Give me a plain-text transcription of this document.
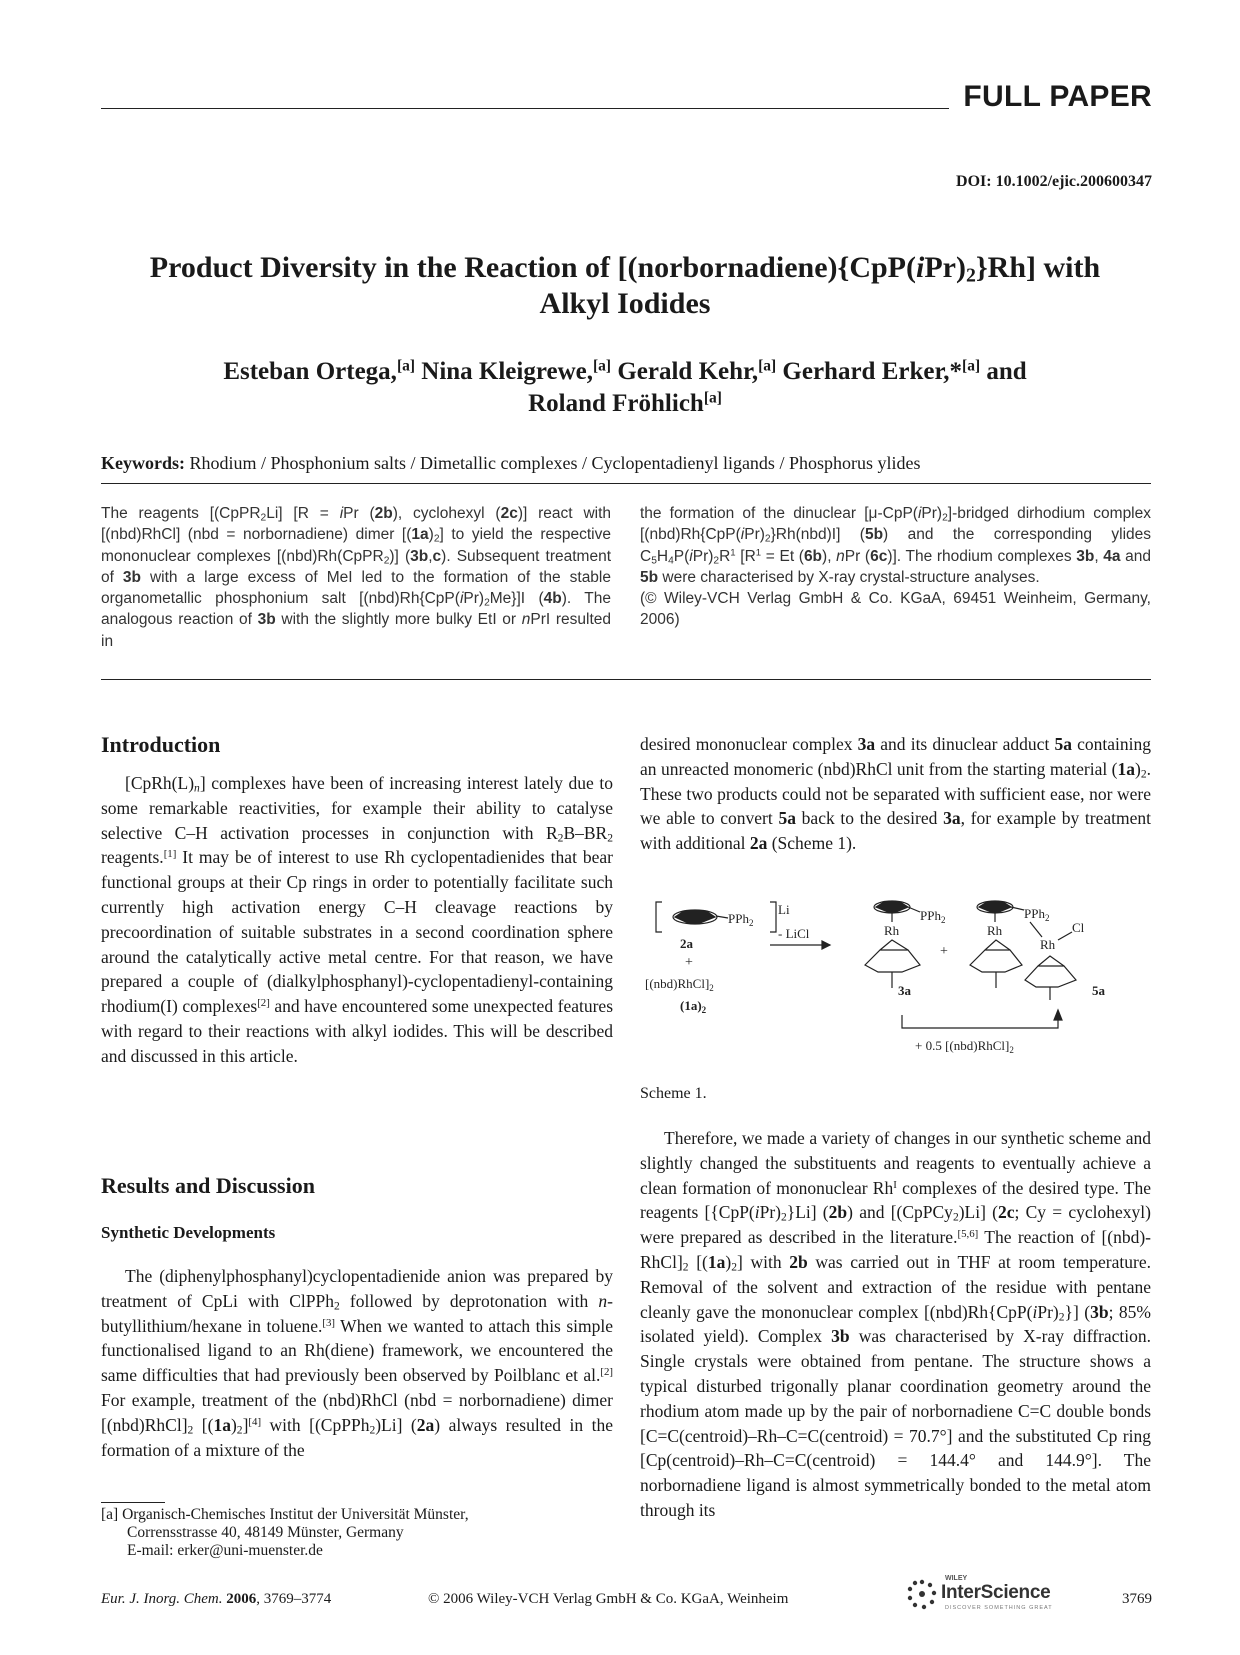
FULL PAPER
DOI: 10.1002/ejic.200600347
Product Diversity in the Reaction of $[(norbornadiene)\{CpP(iPr)_2\}Rh]$ with
Alkyl Iodides
Esteban Ortega,[a] Nina Kleigrewe,[a] Gerald Kehr,[a] Gerhard Erker,*[a] and
Roland Fröhlich[a]
Keywords: Rhodium / Phosphonium salts / Dimetallic complexes / Cyclopentadienyl ligands / Phosphorus ylides
The reagents [(CpPR$_2$Li] [R = iPr (2b), cyclohexyl (2c)] react with [(nbd)RhCl] (nbd = norbornadiene) dimer $[(1a)_2]$ to yield the respective mononuclear complexes [(nbd)Rh(CpPR$_2$)] (3b,c). Subsequent treatment of 3b with a large excess of MeI led to the formation of the stable organometallic phosphonium salt $[(nbd)Rh\{CpP(iPr)_2Me\}]I$ (4b). The analogous reaction of 3b with the slightly more bulky EtI or nPrI resulted in
the formation of the dinuclear $[\mu-CpP(iPr)_2]$-bridged dirhodium complex $[(nbd)Rh\{CpP(iPr)_2\}Rh(nbd)I]$ (5b) and the corresponding ylides $C_5H_4P(iPr)_2R^1$ [$R^1 = Et$ (6b), nPr (6c)]. The rhodium complexes 3b, 4a and 5b were characterised by X-ray crystal-structure analyses.
(© Wiley-VCH Verlag GmbH & Co. KGaA, 69451 Weinheim, Germany, 2006)
Introduction

$[CpRh(L)_n]$ complexes have been of increasing interest lately due to some remarkable reactivities, for example their ability to catalyse selective C–H activation processes in conjunction with $R_2B-BR_2$ reagents.[1] It may be of interest to use Rh cyclopentadienides that bear functional groups at their Cp rings in order to potentially facilitate such currently high activation energy C–H cleavage reactions by precoordination of suitable substrates in a second coordination sphere around the catalytically active metal centre. For that reason, we have prepared a couple of (dialkylphosphanyl)-cyclopentadienyl-containing rhodium(I) complexes[2] and have encountered some unexpected features with regard to their reactions with alkyl iodides. This will be described and discussed in this article.

Results and Discussion
Synthetic Developments

The (diphenylphosphanyl)cyclopentadienide anion was prepared by treatment of CpLi with ClPPh$_2$ followed by deprotonation with n-butyllithium/hexane in toluene.[3] When we wanted to attach this simple functionalised ligand to an Rh(diene) framework, we encountered the same difficulties that had previously been observed by Poilblanc et al.[2] For example, treatment of the (nbd)RhCl (nbd = norbornadiene) dimer $[(nbd)RhCl]_2$ $[(1a)_2][4]$ with [(CpPPh$_2$)Li] (2a) always resulted in the formation of a mixture of the

desired mononuclear complex 3a and its dinuclear adduct 5a containing an unreacted monomeric (nbd)RhCl unit from the starting material $(1a)_2$. These two products could not be separated with sufficient ease, nor were we able to convert 5a back to the desired 3a, for example by treatment with additional 2a (Scheme 1).

PPh$_2$
Li
2a
+
$[(nbd)RhCl]_2$
$(1a)_2$
- LiCl
PPh$_2$
Rh
3a
+
PPh$_2$
Rh
Rh
Cl
5a
+ 0.5 $[(nbd)RhCl]_2$
Scheme 1.

Therefore, we made a variety of changes in our synthetic scheme and slightly changed the substituents and reagents to eventually achieve a clean formation of mononuclear $Rh^I$ complexes of the desired type. The reagents $[\{CpP(iPr)_2\}Li]$ (2b) and [(CpPCy$_2$)Li] (2c; Cy = cyclohexyl) were prepared as described in the literature.[5,6] The reaction of $[(nbd)-RhCl]_2$ $[(1a)_2]$ with 2b was carried out in THF at room temperature. Removal of the solvent and extraction of the residue with pentane cleanly gave the mononuclear complex $[(nbd)Rh\{CpP(iPr)_2\}]$ (3b; 85% isolated yield). Complex 3b was characterised by X-ray diffraction. Single crystals were obtained from pentane. The structure shows a typical disturbed trigonally planar coordination geometry around the rhodium atom made up by the pair of norbornadiene C=C double bonds [C=C(centroid)–Rh–C=C(centroid) = 70.7°] and the substituted Cp ring [Cp(centroid)–Rh–C=C(centroid) = 144.4° and 144.9°]. The norbornadiene ligand is almost symmetrically bonded to the metal atom through its

[a] Organisch-Chemisches Institut der Universität Münster,
Corrensstrasse 40, 48149 Münster, Germany
E-mail: erker@uni-muenster.de
Eur. J. Inorg. Chem. 2006, 3769–3774	© 2006 Wiley-VCH Verlag GmbH & Co. KGaA, Weinheim
WILEY
InterScience
DISCOVER SOMETHING GREAT
3769
